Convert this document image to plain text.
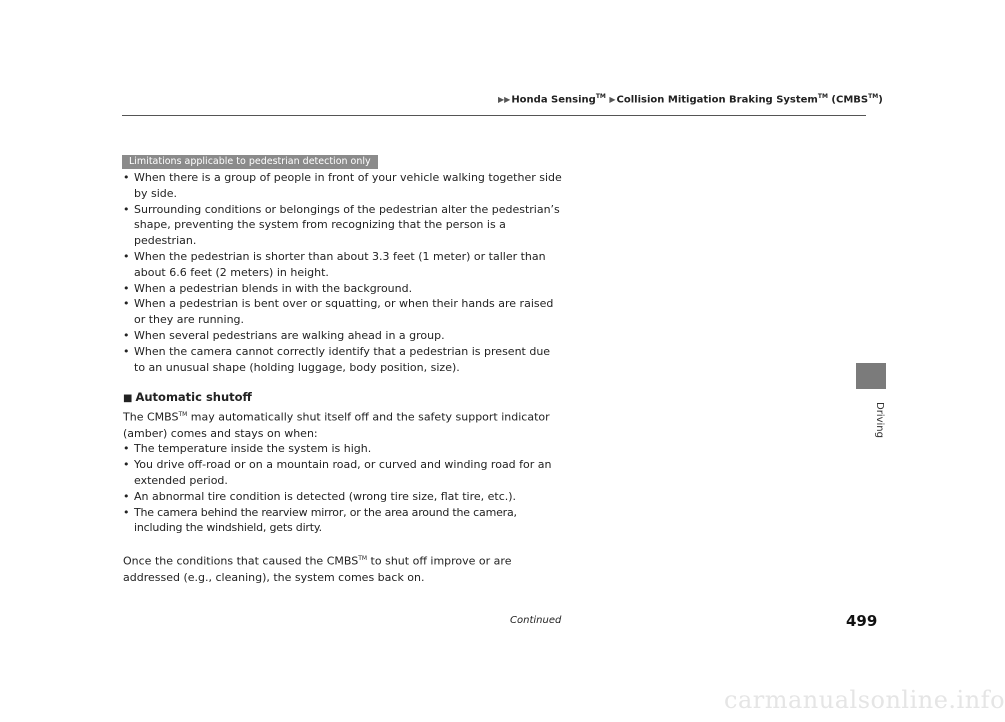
▶▶Honda Sensing™ ▶Collision Mitigation Braking System™ (CMBS™)
Driving
Limitations applicable to pedestrian detection only
• When there is a group of people in front of your vehicle walking together side by side.
• Surrounding conditions or belongings of the pedestrian alter the pedestrian’s shape, preventing the system from recognizing that the person is a pedestrian.
• When the pedestrian is shorter than about 3.3 feet (1 meter) or taller than about 6.6 feet (2 meters) in height.
• When a pedestrian blends in with the background.
• When a pedestrian is bent over or squatting, or when their hands are raised or they are running.
• When several pedestrians are walking ahead in a group.
• When the camera cannot correctly identify that a pedestrian is present due to an unusual shape (holding luggage, body position, size).
■ Automatic shutoff
The CMBS™ may automatically shut itself off and the safety support indicator (amber) comes and stays on when:
• The temperature inside the system is high.
• You drive off-road or on a mountain road, or curved and winding road for an extended period.
• An abnormal tire condition is detected (wrong tire size, flat tire, etc.).
• The camera behind the rearview mirror, or the area around the camera, including the windshield, gets dirty.
Once the conditions that caused the CMBS™ to shut off improve or are addressed (e.g., cleaning), the system comes back on.
Continued	499
carmanualsonline.info
